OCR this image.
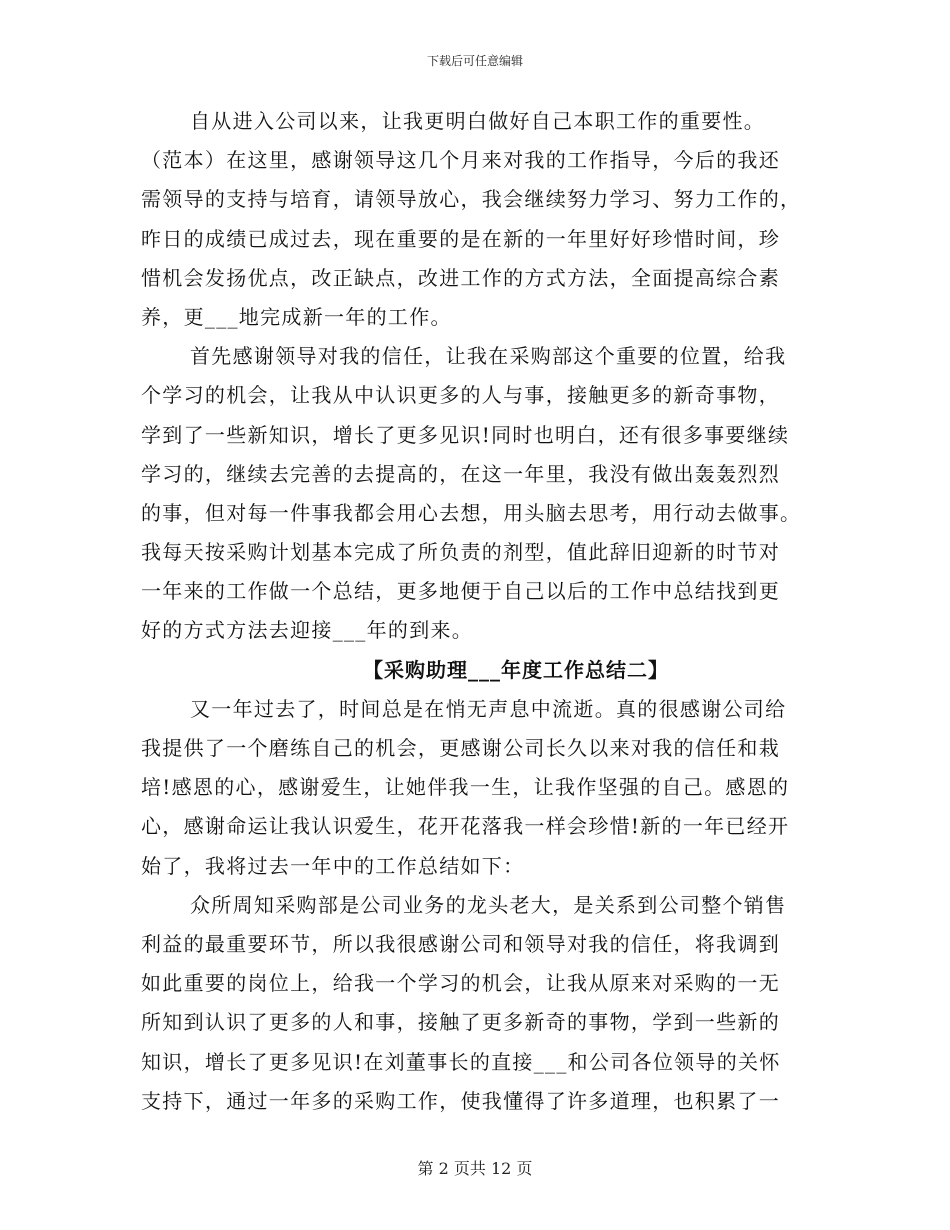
下载后可任意编辑
自从进入公司以来，让我更明白做好自己本职工作的重要性。
（范本）在这里，感谢领导这几个月来对我的工作指导，今后的我还
需领导的支持与培育，请领导放心，我会继续努力学习、努力工作的，
昨日的成绩已成过去，现在重要的是在新的一年里好好珍惜时间，珍
惜机会发扬优点，改正缺点，改进工作的方式方法，全面提高综合素
养，更___地完成新一年的工作。
首先感谢领导对我的信任，让我在采购部这个重要的位置，给我
个学习的机会，让我从中认识更多的人与事，接触更多的新奇事物，
学到了一些新知识，增长了更多见识!同时也明白，还有很多事要继续
学习的，继续去完善的去提高的，在这一年里，我没有做出轰轰烈烈
的事，但对每一件事我都会用心去想，用头脑去思考，用行动去做事。
我每天按采购计划基本完成了所负责的剂型，值此辞旧迎新的时节对
一年来的工作做一个总结，更多地便于自己以后的工作中总结找到更
好的方式方法去迎接___年的到来。
【采购助理___年度工作总结二】
又一年过去了，时间总是在悄无声息中流逝。真的很感谢公司给
我提供了一个磨练自己的机会，更感谢公司长久以来对我的信任和栽
培!感恩的心，感谢爱生，让她伴我一生，让我作坚强的自己。感恩的
心，感谢命运让我认识爱生，花开花落我一样会珍惜!新的一年已经开
始了，我将过去一年中的工作总结如下：
众所周知采购部是公司业务的龙头老大，是关系到公司整个销售
利益的最重要环节，所以我很感谢公司和领导对我的信任，将我调到
如此重要的岗位上，给我一个学习的机会，让我从原来对采购的一无
所知到认识了更多的人和事，接触了更多新奇的事物，学到一些新的
知识，增长了更多见识!在刘董事长的直接___和公司各位领导的关怀
支持下，通过一年多的采购工作，使我懂得了许多道理，也积累了一
第 2 页共 12 页
